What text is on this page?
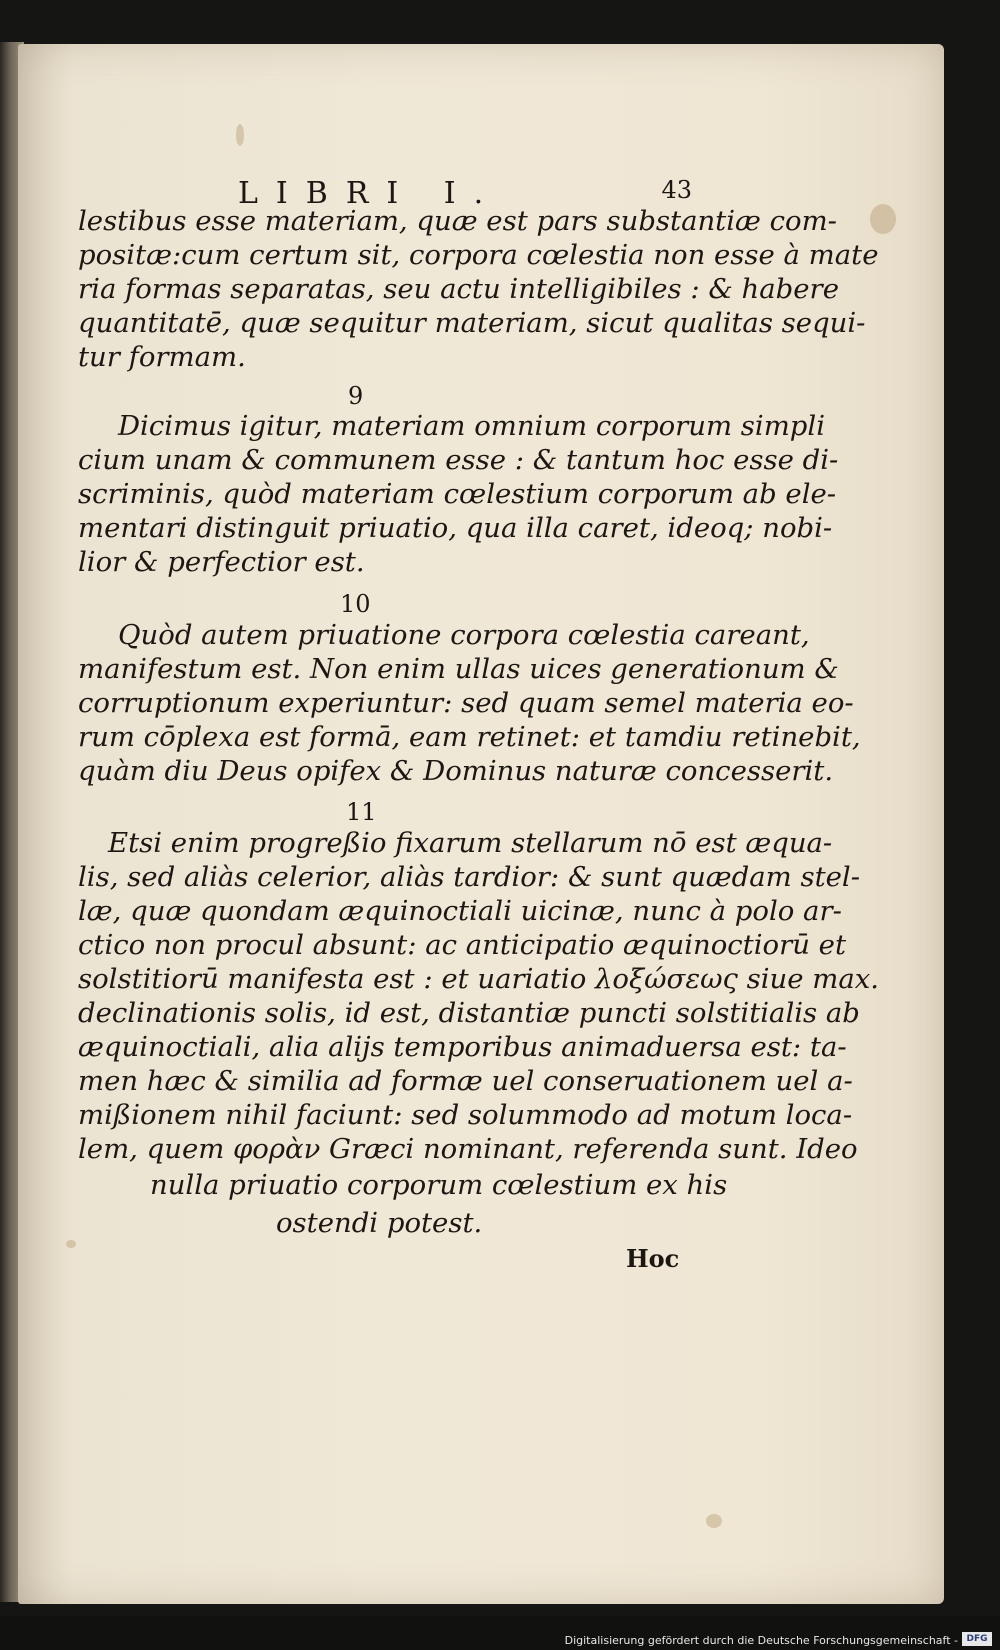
LIBRI I.	43
lestibus esse materiam, quæ est pars substantiæ com-
positæ:cum certum sit, corpora cœlestia non esse à mate
ria formas separatas, seu actu intelligibiles : & habere
quantitatē, quæ sequitur materiam, sicut qualitas sequi-
tur formam.
9
Dicimus igitur, materiam omnium corporum simpli
cium unam & communem esse : & tantum hoc esse di-
scriminis, quòd materiam cœlestium corporum ab ele-
mentari distinguit priuatio, qua illa caret, ideoq; nobi-
lior & perfectior est.
10
Quòd autem priuatione corpora cœlestia careant,
manifestum est. Non enim ullas uices generationum &
corruptionum experiuntur: sed quam semel materia eo-
rum cōplexa est formā, eam retinet: et tamdiu retinebit,
quàm diu Deus opifex & Dominus naturæ concesserit.
11
Etsi enim progreßio fixarum stellarum nō est æqua-
lis, sed aliàs celerior, aliàs tardior: & sunt quædam stel-
læ, quæ quondam æquinoctiali uicinæ, nunc à polo ar-
ctico non procul absunt: ac anticipatio æquinoctiorū et
solstitiorū manifesta est : et uariatio λοξώσεως siue max.
declinationis solis, id est, distantiæ puncti solstitialis ab
æquinoctiali, alia alijs temporibus animaduersa est: ta-
men hæc & similia ad formæ uel conseruationem uel a-
mißionem nihil faciunt: sed solummodo ad motum loca-
lem, quem φορὰν Græci nominant, referenda sunt. Ideo
nulla priuatio corporum cœlestium ex his
ostendi potest.
Hoc
Digitalisierung gefördert durch die Deutsche Forschungsgemeinschaft - DFG
